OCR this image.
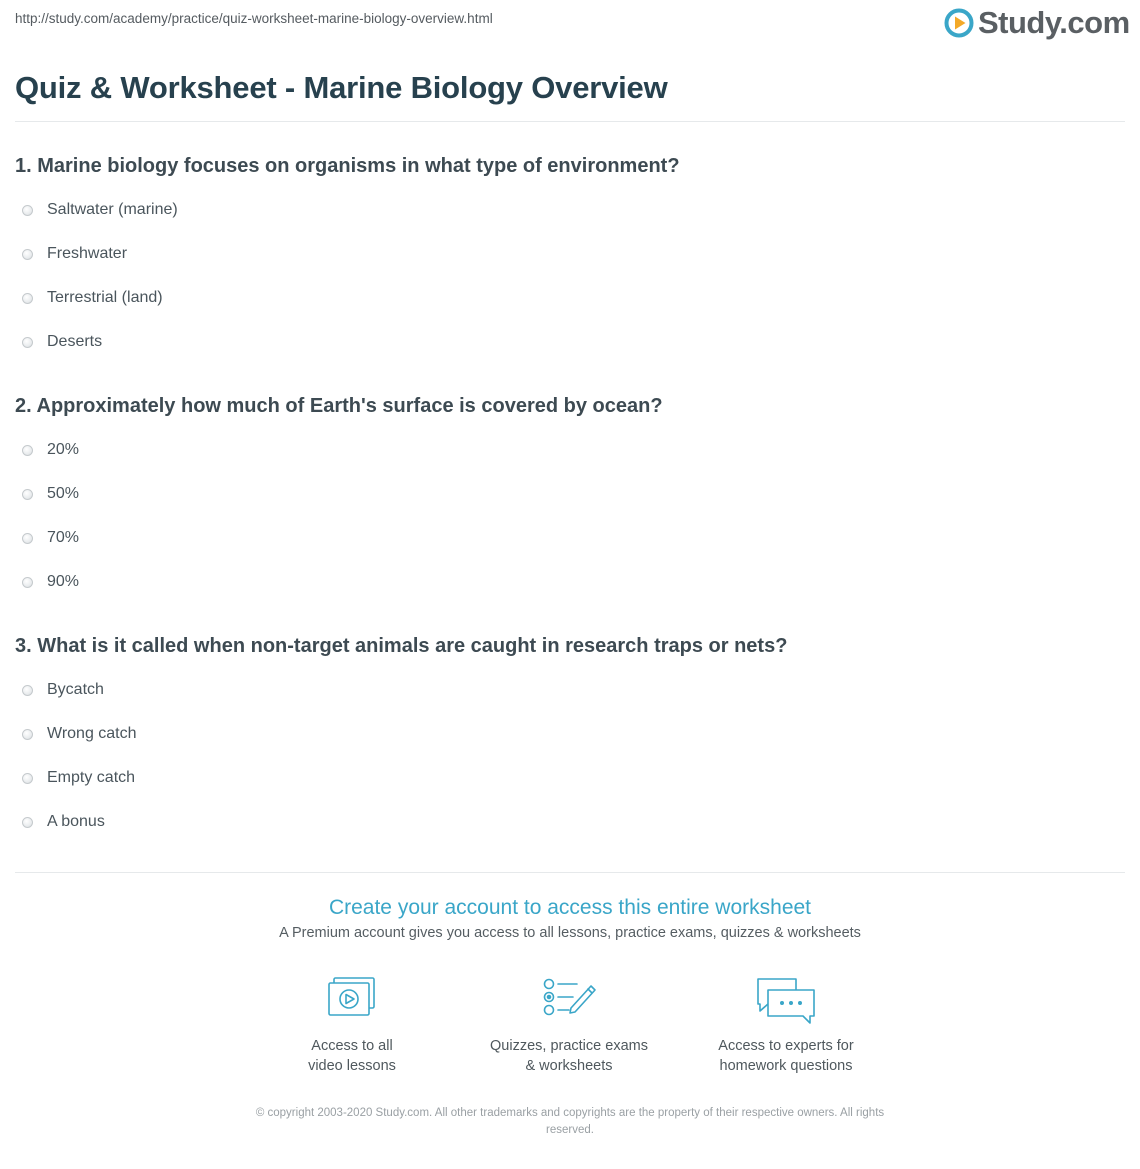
http://study.com/academy/practice/quiz-worksheet-marine-biology-overview.html	Study.com
Quiz & Worksheet - Marine Biology Overview
1. Marine biology focuses on organisms in what type of environment?
Saltwater (marine)
Freshwater
Terrestrial (land)
Deserts
2. Approximately how much of Earth's surface is covered by ocean?
20%
50%
70%
90%
3. What is it called when non-target animals are caught in research traps or nets?
Bycatch
Wrong catch
Empty catch
A bonus
Create your account to access this entire worksheet
A Premium account gives you access to all lessons, practice exams, quizzes & worksheets
Access to all
video lessons
Quizzes, practice exams
& worksheets
Access to experts for
homework questions
© copyright 2003-2020 Study.com. All other trademarks and copyrights are the property of their respective owners. All rights
reserved.
